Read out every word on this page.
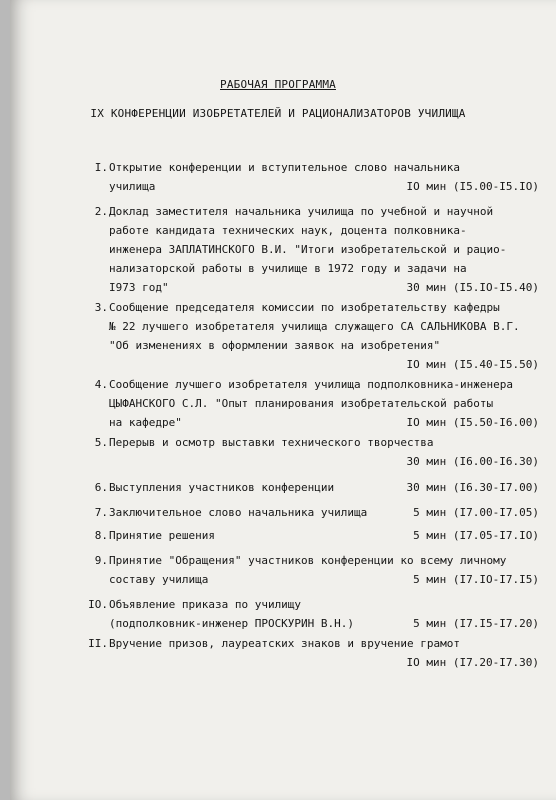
РАБОЧАЯ ПРОГРАММА
IX КОНФЕРЕНЦИИ ИЗОБРЕТАТЕЛЕЙ И РАЦИОНАЛИЗАТОРОВ УЧИЛИЩА
I. Открытие конференции и вступительное слово начальника
училища	IO мин (I5.00-I5.IO)
2. Доклад заместителя начальника училища по учебной и научной
работе кандидата технических наук, доцента полковника-
инженера ЗАПЛАТИНСКОГО В.И. "Итоги изобретательской и рацио-
нализаторской работы в училище в 1972 году и задачи на
I973 год"	30 мин (I5.IO-I5.40)
3. Сообщение председателя комиссии по изобретательству кафедры
№ 22 лучшего изобретателя училища служащего СА САЛЬНИКОВА В.Г.
"Об изменениях в оформлении заявок на изобретения"
IO мин (I5.40-I5.50)
4. Сообщение лучшего изобретателя училища подполковника-инженера
ЦЫФАНСКОГО С.Л. "Опыт планирования изобретательской работы
на кафедре"	IO мин (I5.50-I6.00)
5. Перерыв и осмотр выставки технического творчества
30 мин (I6.00-I6.30)
6. Выступления участников конференции	30 мин (I6.30-I7.00)
7. Заключительное слово начальника училища	5 мин (I7.00-I7.05)
8. Принятие решения	5 мин (I7.05-I7.IO)
9. Принятие "Обращения" участников конференции ко всему личному
составу училища	5 мин (I7.IO-I7.I5)
IO. Объявление приказа по училищу
(подполковник-инженер ПРОСКУРИН В.Н.)	5 мин (I7.I5-I7.20)
II. Вручение призов, лауреатских знаков и вручение грамот
IO мин (I7.20-I7.30)
